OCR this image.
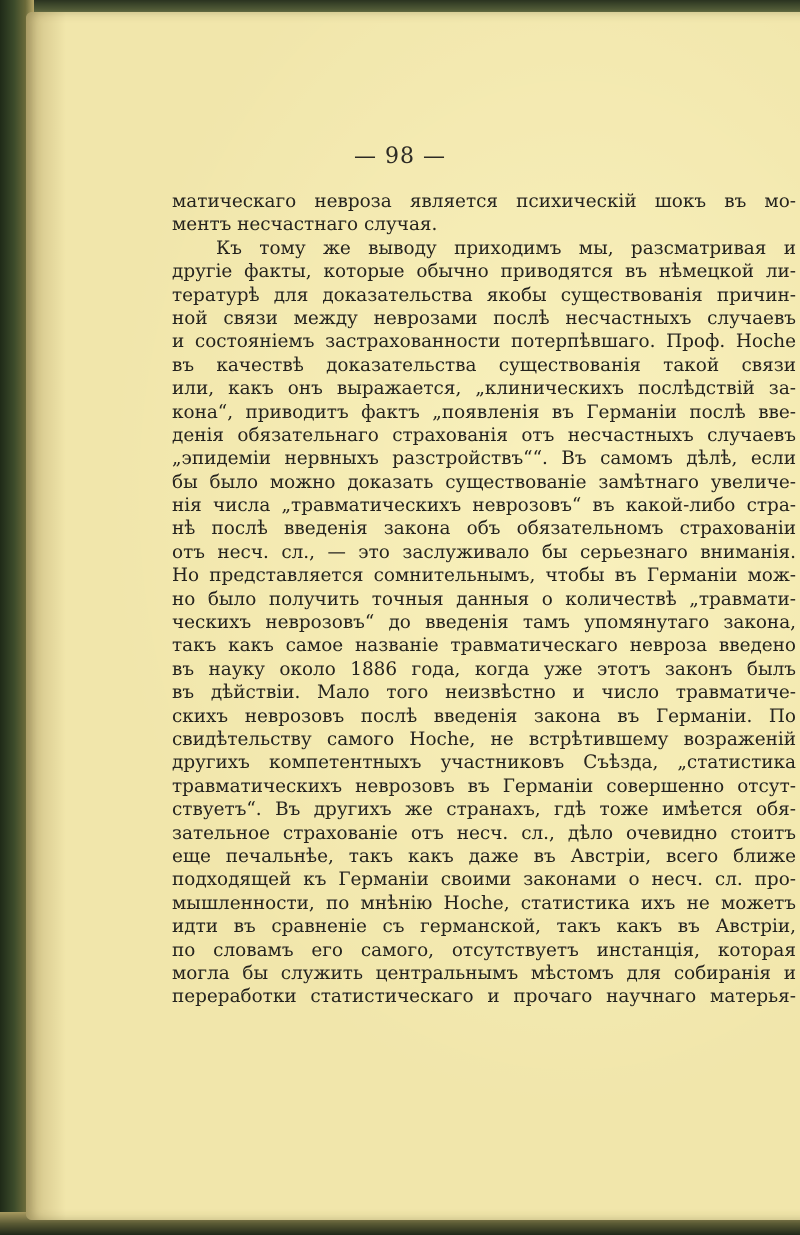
— 98 —
матическаго невроза является психическій шокъ въ мо-
ментъ несчастнаго случая.
Къ тому же выводу приходимъ мы, разсматривая и
другіе факты, которые обычно приводятся въ нѣмецкой ли-
тературѣ для доказательства якобы существованія причин-
ной связи между неврозами послѣ несчастныхъ случаевъ
и состояніемъ застрахованности потерпѣвшаго. Проф. Hoche
въ качествѣ доказательства существованія такой связи
или, какъ онъ выражается, „клиническихъ послѣдствій за-
кона“, приводитъ фактъ „появленія въ Германіи послѣ вве-
денія обязательнаго страхованія отъ несчастныхъ случаевъ
„эпидеміи нервныхъ разстройствъ““. Въ самомъ дѣлѣ, если
бы было можно доказать существованіе замѣтнаго увеличе-
нія числа „травматическихъ неврозовъ“ въ какой-либо стра-
нѣ послѣ введенія закона объ обязательномъ страхованіи
отъ несч. сл., — это заслуживало бы серьезнаго вниманія.
Но представляется сомнительнымъ, чтобы въ Германіи мож-
но было получить точныя данныя о количествѣ „травмати-
ческихъ неврозовъ“ до введенія тамъ упомянутаго закона,
такъ какъ самое названіе травматическаго невроза введено
въ науку около 1886 года, когда уже этотъ законъ былъ
въ дѣйствіи. Мало того неизвѣстно и число травматиче-
скихъ неврозовъ послѣ введенія закона въ Германіи. По
свидѣтельству самого Hoche, не встрѣтившему возраженій
другихъ компетентныхъ участниковъ Съѣзда, „статистика
травматическихъ неврозовъ въ Германіи совершенно отсут-
ствуетъ“. Въ другихъ же странахъ, гдѣ тоже имѣется обя-
зательное страхованіе отъ несч. сл., дѣло очевидно стоитъ
еще печальнѣе, такъ какъ даже въ Австріи, всего ближе
подходящей къ Германіи своими законами о несч. сл. про-
мышленности, по мнѣнію Hoche, статистика ихъ не можетъ
идти въ сравненіе съ германской, такъ какъ въ Австріи,
по словамъ его самого, отсутствуетъ инстанція, которая
могла бы служить центральнымъ мѣстомъ для собиранія и
переработки статистическаго и прочаго научнаго матерья-
